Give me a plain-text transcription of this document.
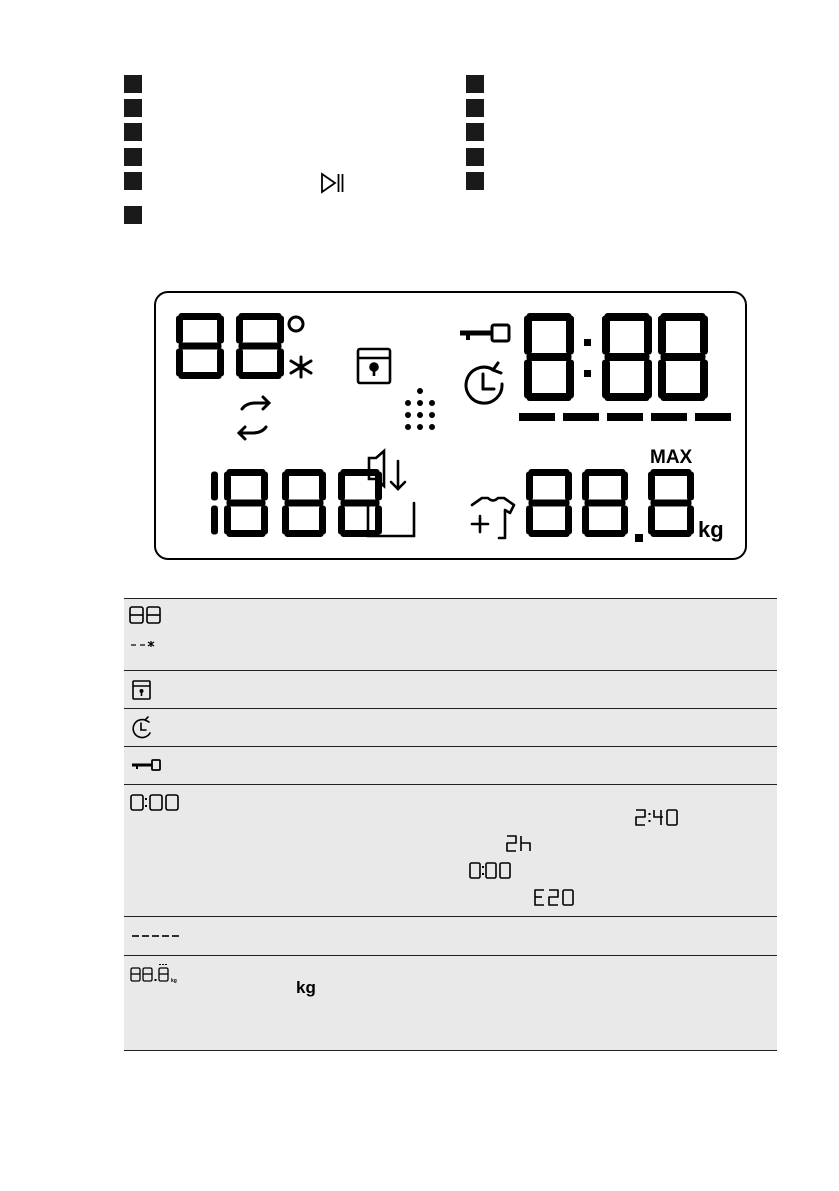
MAX
kg
kg	kg
